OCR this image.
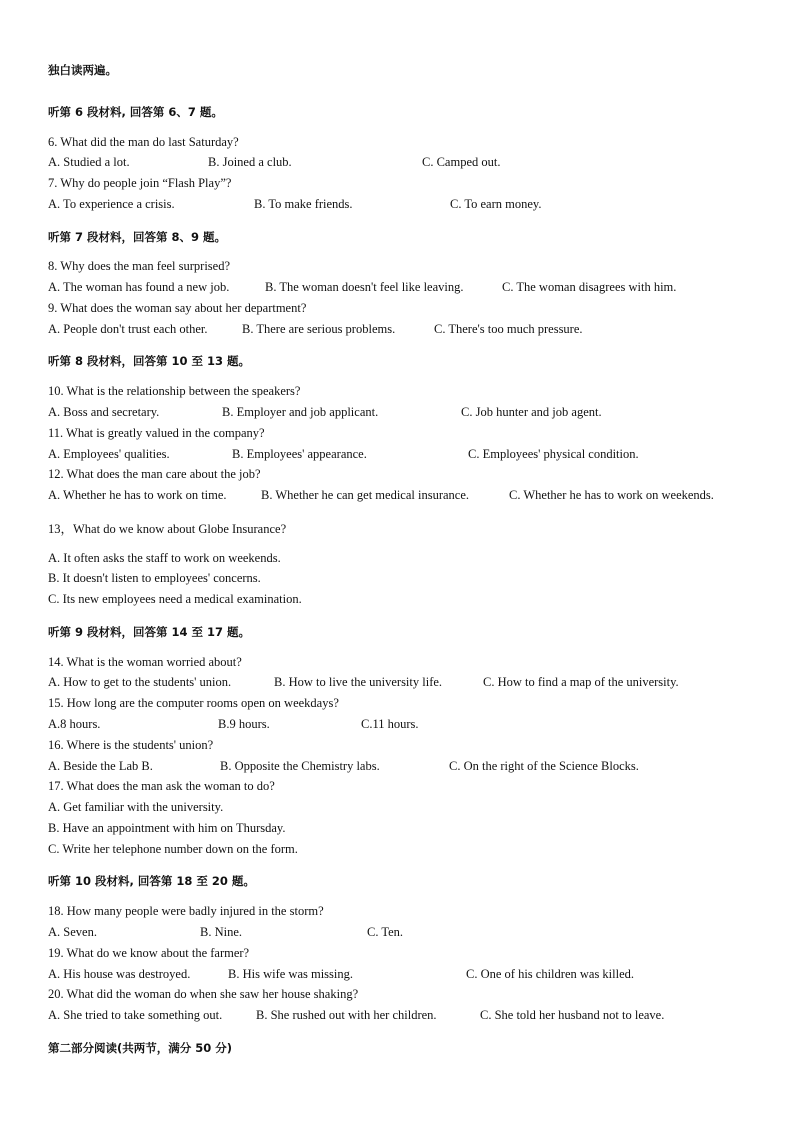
独白读两遍。
听第 6 段材料, 回答第 6、7 题。
6. What did the man do last Saturday?
A. Studied a lot.	B. Joined a club.	C. Camped out.
7. Why do people join “Flash Play”?
A. To experience a crisis.	B. To make friends.	C. To earn money.
听第 7 段材料，回答第 8、9 题。
8. Why does the man feel surprised?
A. The woman has found a new job.	B. The woman doesn't feel like leaving.	C. The woman disagrees with him.
9. What does the woman say about her department?
A. People don't trust each other.	B. There are serious problems.	C. There's too much pressure.
听第 8 段材料，回答第 10 至 13 题。
10. What is the relationship between the speakers?
A. Boss and secretary.	B. Employer and job applicant.	C. Job hunter and job agent.
11. What is greatly valued in the company?
A. Employees' qualities.	B. Employees' appearance.	C. Employees' physical condition.
12. What does the man care about the job?
A. Whether he has to work on time.	B. Whether he can get medical insurance.	C. Whether he has to work on weekends.
13，What do we know about Globe Insurance?
A. It often asks the staff to work on weekends.
B. It doesn't listen to employees' concerns.
C. Its new employees need a medical examination.
听第 9 段材料，回答第 14 至 17 题。
14. What is the woman worried about?
A. How to get to the students' union.	B. How to live the university life.	C. How to find a map of the university.
15. How long are the computer rooms open on weekdays?
A.8 hours.	B.9 hours.	C.11 hours.
16. Where is the students' union?
A. Beside the Lab B.	B. Opposite the Chemistry labs.	C. On the right of the Science Blocks.
17. What does the man ask the woman to do?
A. Get familiar with the university.
B. Have an appointment with him on Thursday.
C. Write her telephone number down on the form.
听第 10 段材料, 回答第 18 至 20 题。
18. How many people were badly injured in the storm?
A. Seven.	B. Nine.	C. Ten.
19. What do we know about the farmer?
A. His house was destroyed.	B. His wife was missing.	C. One of his children was killed.
20. What did the woman do when she saw her house shaking?
A. She tried to take something out.	B. She rushed out with her children.	C. She told her husband not to leave.
第二部分阅读(共两节，满分 50 分)
